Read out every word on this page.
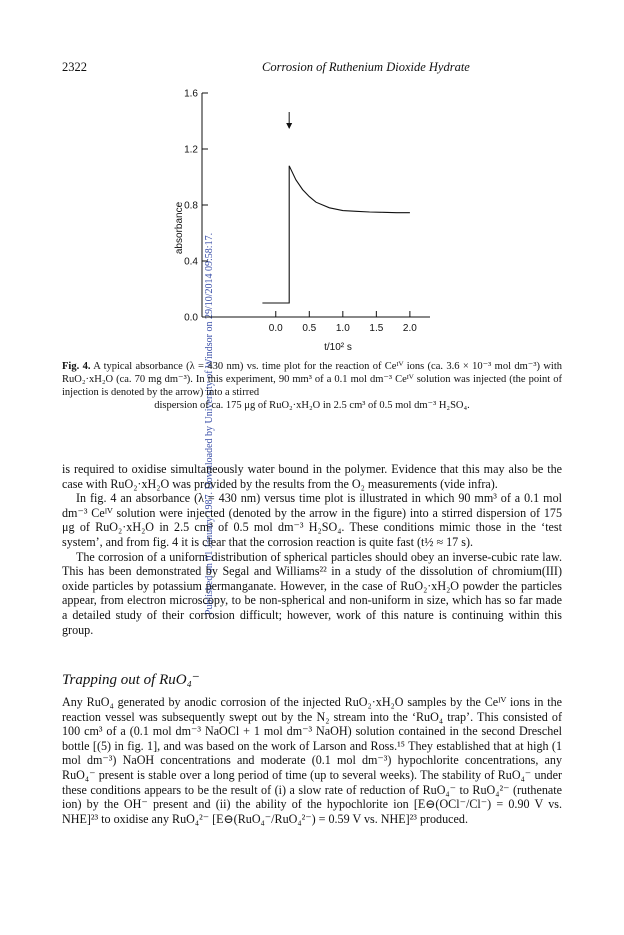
Published on 01 January 1987. Downloaded by University of Windsor on 29/10/2014 09:58:17.
2322	Corrosion of Ruthenium Dioxide Hydrate
0.0
0.4
0.8
1.2
1.6
0.0 0.5 1.0 1.5 2.0
absorbance
t/10² s
Fig. 4. A typical absorbance (λ = 430 nm) vs. time plot for the reaction of Ceᴵⱽ ions (ca. 3.6 × 10⁻³ mol dm⁻³) with RuO₂·xH₂O (ca. 70 mg dm⁻³). In this experiment, 90 mm³ of a 0.1 mol dm⁻³ Ceᴵⱽ solution was injected (the point of injection is denoted by the arrow) into a stirred
dispersion of ca. 175 μg of RuO₂·xH₂O in 2.5 cm³ of 0.5 mol dm⁻³ H₂SO₄.

is required to oxidise simultaneously water bound in the polymer. Evidence that this may also be the case with RuO₂·xH₂O was provided by the results from the O₂ measurements (vide infra).

In fig. 4 an absorbance (λ = 430 nm) versus time plot is illustrated in which 90 mm³ of a 0.1 mol dm⁻³ Ceᴵⱽ solution were injected (denoted by the arrow in the figure) into a stirred dispersion of 175 μg of RuO₂·xH₂O in 2.5 cm³ of 0.5 mol dm⁻³ H₂SO₄. These conditions mimic those in the ‘test system’, and from fig. 4 it is clear that the corrosion reaction is quite fast (t½ ≈ 17 s).

The corrosion of a uniform distribution of spherical particles should obey an inverse-cubic rate law. This has been demonstrated by Segal and Williams²² in a study of the dissolution of chromium(III) oxide particles by potassium permanganate. However, in the case of RuO₂·xH₂O powder the particles appear, from electron microscopy, to be non-spherical and non-uniform in size, which has so far made a detailed study of their corrosion difficult; however, work of this nature is continuing within this group.

Trapping out of RuO₄⁻

Any RuO₄ generated by anodic corrosion of the injected RuO₂·xH₂O samples by the Ceᴵⱽ ions in the reaction vessel was subsequently swept out by the N₂ stream into the ‘RuO₄ trap’. This consisted of 100 cm³ of a (0.1 mol dm⁻³ NaOCl + 1 mol dm⁻³ NaOH) solution contained in the second Dreschel bottle [(5) in fig. 1], and was based on the work of Larson and Ross.¹⁵ They established that at high (1 mol dm⁻³) NaOH concentrations and moderate (0.1 mol dm⁻³) hypochlorite concentrations, any RuO₄⁻ present is stable over a long period of time (up to several weeks). The stability of RuO₄⁻ under these conditions appears to be the result of (i) a slow rate of reduction of RuO₄⁻ to RuO₄²⁻ (ruthenate ion) by the OH⁻ present and (ii) the ability of the hypochlorite ion [E⊖(OCl⁻/Cl⁻) = 0.90 V vs. NHE]²³ to oxidise any RuO₄²⁻ [E⊖(RuO₄⁻/RuO₄²⁻) = 0.59 V vs. NHE]²³ produced.
